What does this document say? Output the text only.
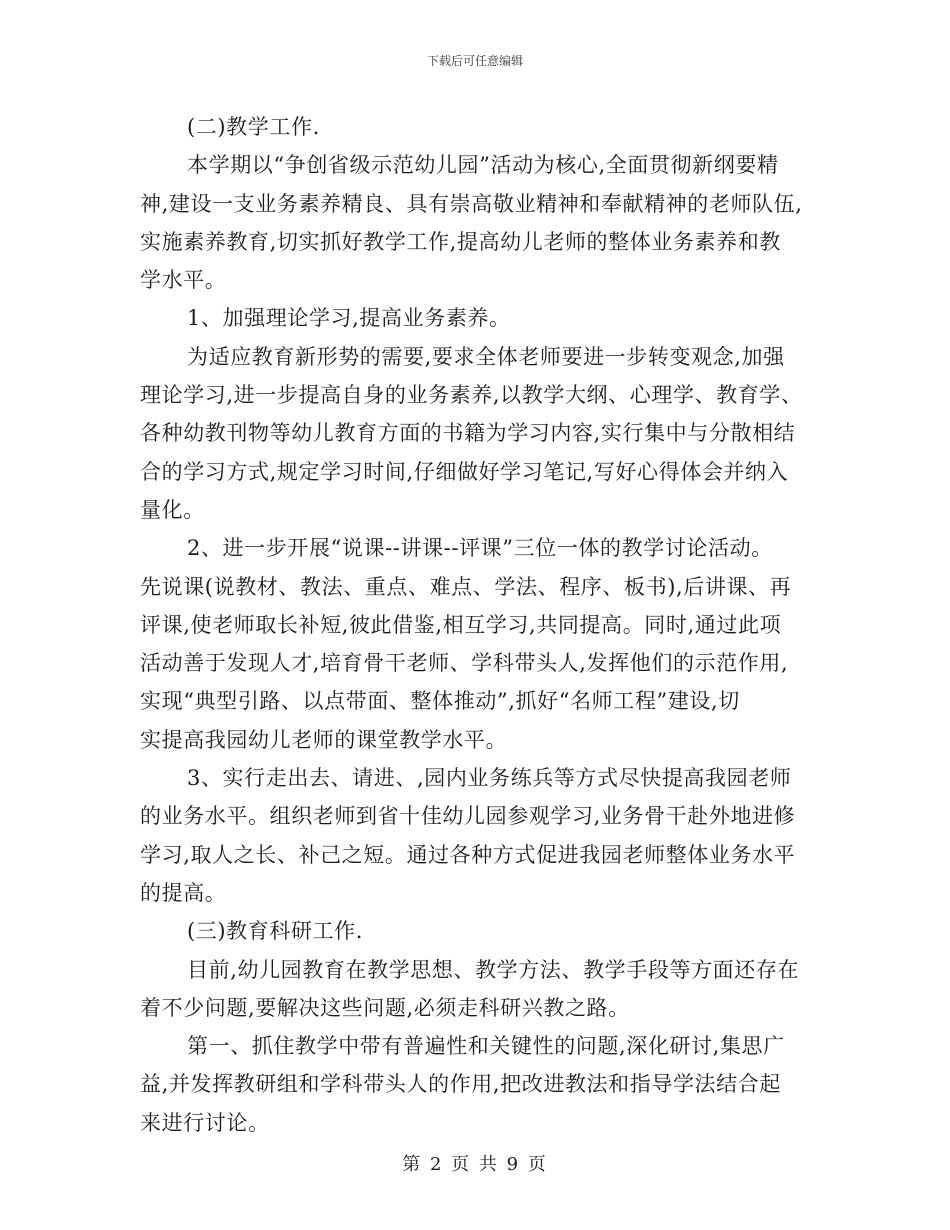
下载后可任意编辑
(二)教学工作.
本学期以“争创省级示范幼儿园”活动为核心,全面贯彻新纲要精
神,建设一支业务素养精良、具有崇高敬业精神和奉献精神的老师队伍,
实施素养教育,切实抓好教学工作,提高幼儿老师的整体业务素养和教
学水平。
1、加强理论学习,提高业务素养。
为适应教育新形势的需要,要求全体老师要进一步转变观念,加强
理论学习,进一步提高自身的业务素养,以教学大纲、心理学、教育学、
各种幼教刊物等幼儿教育方面的书籍为学习内容,实行集中与分散相结
合的学习方式,规定学习时间,仔细做好学习笔记,写好心得体会并纳入
量化。
2、进一步开展“说课--讲课--评课”三位一体的教学讨论活动。
先说课(说教材、教法、重点、难点、学法、程序、板书),后讲课、再
评课,使老师取长补短,彼此借鉴,相互学习,共同提高。同时,通过此项
活动善于发现人才,培育骨干老师、学科带头人,发挥他们的示范作用,
实现“典型引路、以点带面、整体推动”,抓好“名师工程”建设,切
实提高我园幼儿老师的课堂教学水平。
3、实行走出去、请进、,园内业务练兵等方式尽快提高我园老师
的业务水平。组织老师到省十佳幼儿园参观学习,业务骨干赴外地进修
学习,取人之长、补己之短。通过各种方式促进我园老师整体业务水平
的提高。
(三)教育科研工作.
目前,幼儿园教育在教学思想、教学方法、教学手段等方面还存在
着不少问题,要解决这些问题,必须走科研兴教之路。
第一、抓住教学中带有普遍性和关键性的问题,深化研讨,集思广
益,并发挥教研组和学科带头人的作用,把改进教法和指导学法结合起
来进行讨论。
第 2 页 共 9 页
